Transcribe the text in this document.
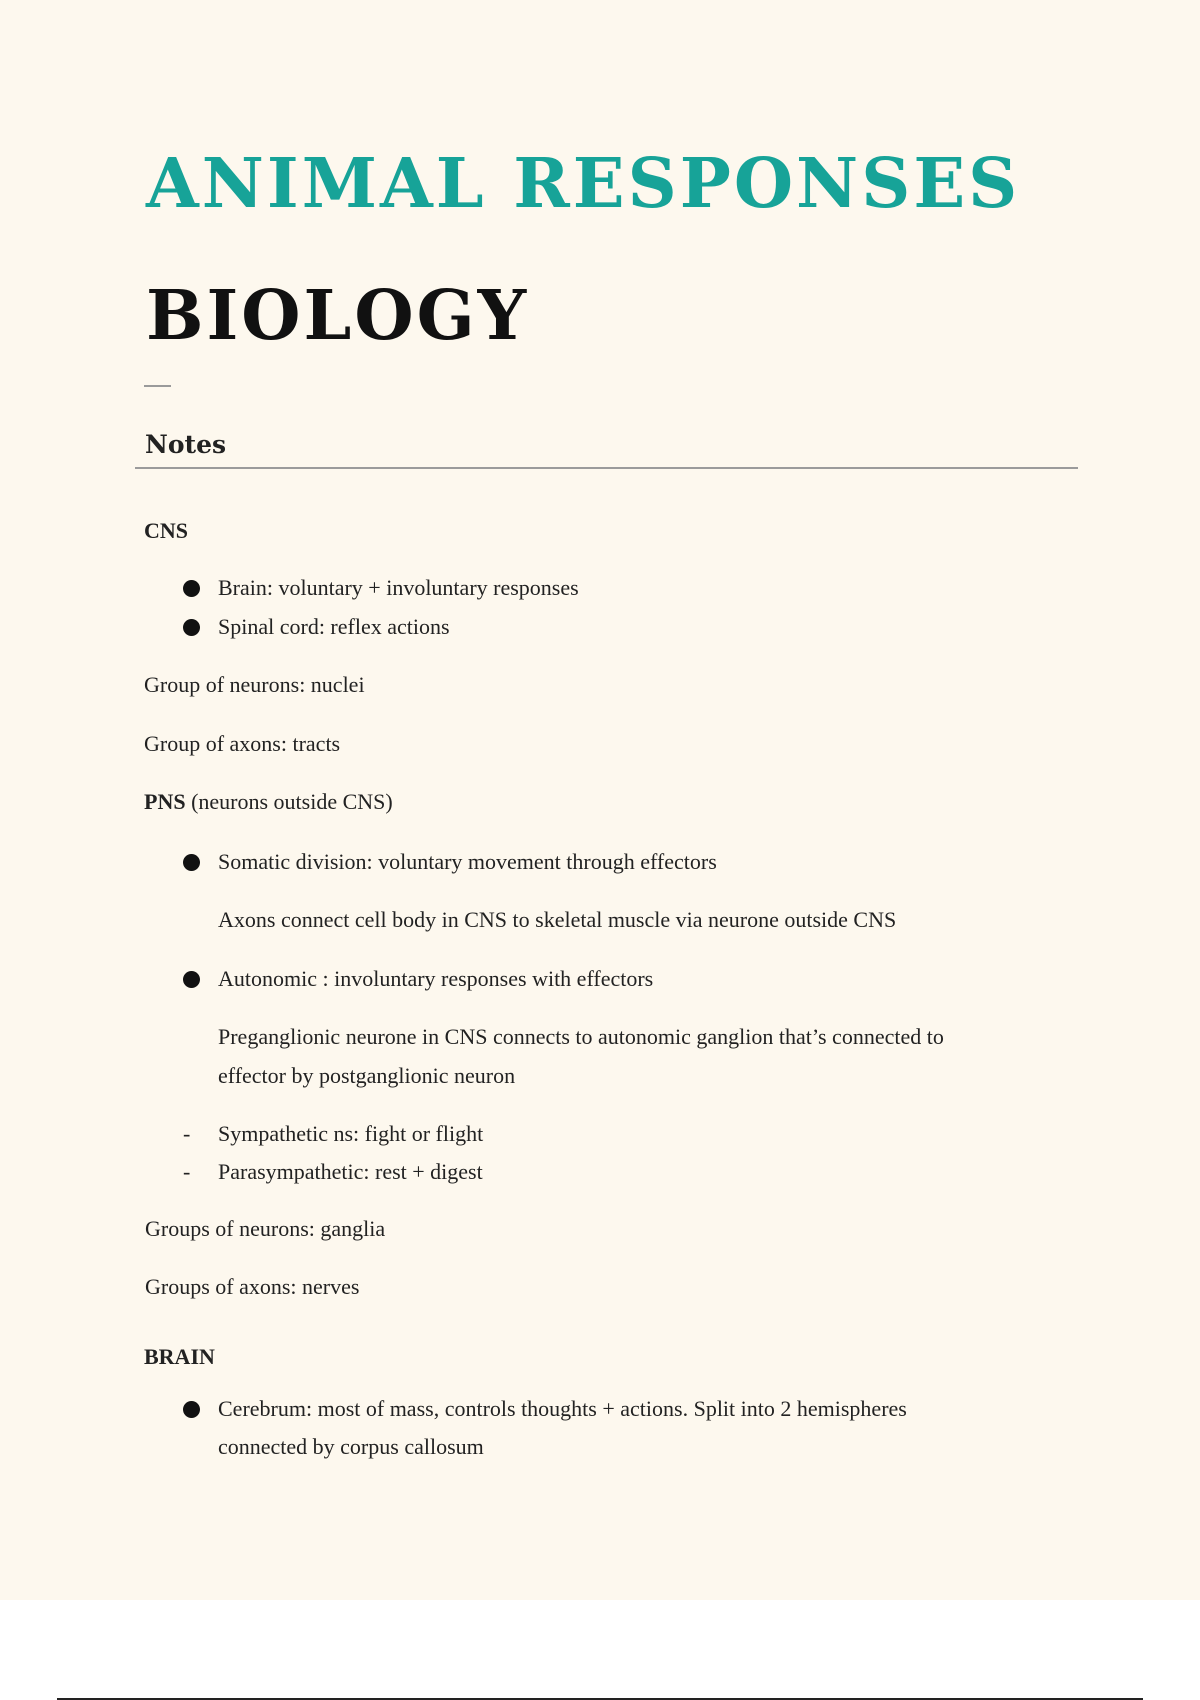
ANIMAL RESPONSES
BIOLOGY
Notes
CNS
Brain: voluntary + involuntary responses
Spinal cord: reflex actions
Group of neurons: nuclei
Group of axons: tracts
PNS (neurons outside CNS)
Somatic division: voluntary movement through effectors
Axons connect cell body in CNS to skeletal muscle via neurone outside CNS
Autonomic : involuntary responses with effectors
Preganglionic neurone in CNS connects to autonomic ganglion that’s connected to
effector by postganglionic neuron
- Sympathetic ns: fight or flight
- Parasympathetic: rest + digest
Groups of neurons: ganglia
Groups of axons: nerves
BRAIN
Cerebrum: most of mass, controls thoughts + actions. Split into 2 hemispheres
connected by corpus callosum
